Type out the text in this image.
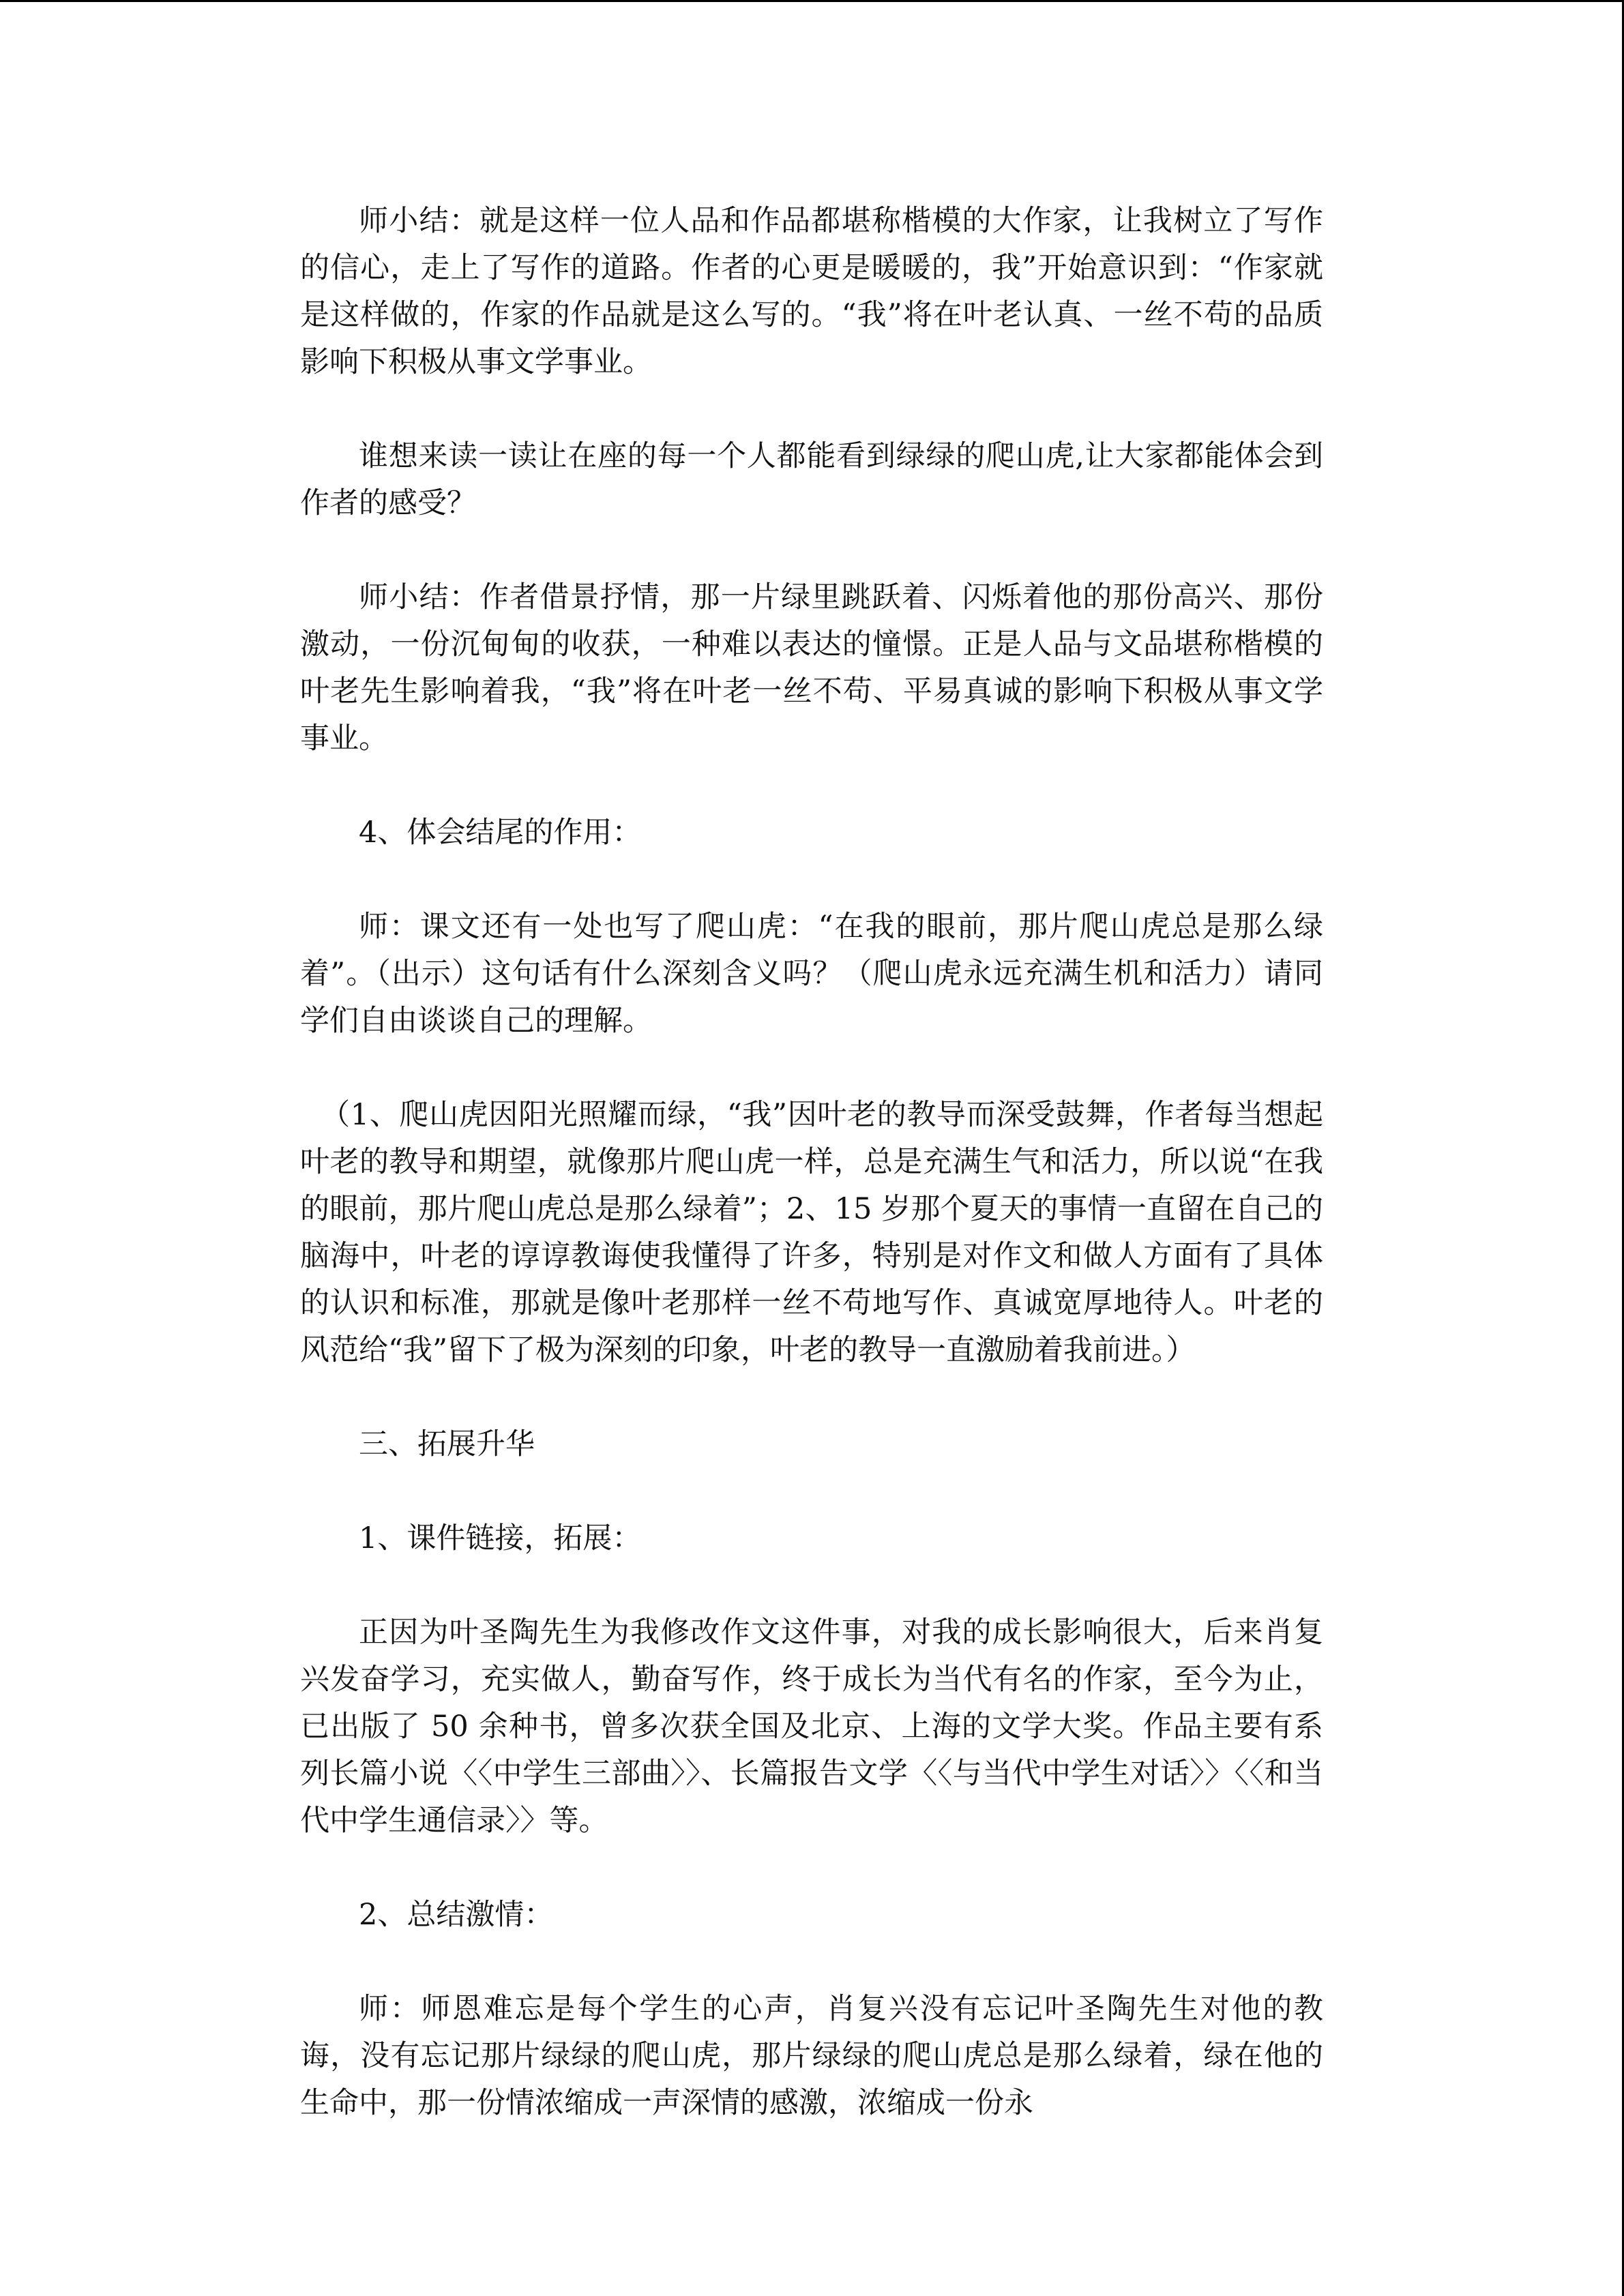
师小结：就是这样一位人品和作品都堪称楷模的大作家，让我树立了写作的信心，走上了写作的道路。作者的心更是暖暖的，我”开始意识到：“作家就是这样做的，作家的作品就是这么写的。“我”将在叶老认真、一丝不苟的品质影响下积极从事文学事业。

谁想来读一读让在座的每一个人都能看到绿绿的爬山虎,让大家都能体会到作者的感受？

师小结：作者借景抒情，那一片绿里跳跃着、闪烁着他的那份高兴、那份激动，一份沉甸甸的收获，一种难以表达的憧憬。正是人品与文品堪称楷模的叶老先生影响着我，“我”将在叶老一丝不苟、平易真诚的影响下积极从事文学事业。

4、体会结尾的作用：

师：课文还有一处也写了爬山虎：“在我的眼前，那片爬山虎总是那么绿着”。（出示）这句话有什么深刻含义吗？（爬山虎永远充满生机和活力）请同学们自由谈谈自己的理解。

（1、爬山虎因阳光照耀而绿，“我”因叶老的教导而深受鼓舞，作者每当想起叶老的教导和期望，就像那片爬山虎一样，总是充满生气和活力，所以说“在我的眼前，那片爬山虎总是那么绿着”；2、15 岁那个夏天的事情一直留在自己的脑海中，叶老的谆谆教诲使我懂得了许多，特别是对作文和做人方面有了具体的认识和标准，那就是像叶老那样一丝不苟地写作、真诚宽厚地待人。叶老的风范给“我”留下了极为深刻的印象，叶老的教导一直激励着我前进。）

三、拓展升华

1、课件链接，拓展：

正因为叶圣陶先生为我修改作文这件事，对我的成长影响很大，后来肖复兴发奋学习，充实做人，勤奋写作，终于成长为当代有名的作家，至今为止，已出版了 50 余种书，曾多次获全国及北京、上海的文学大奖。作品主要有系列长篇小说〈〈中学生三部曲〉〉、长篇报告文学〈〈与当代中学生对话〉〉〈〈和当代中学生通信录〉〉等。

2、总结激情：

师：师恩难忘是每个学生的心声，肖复兴没有忘记叶圣陶先生对他的教诲，没有忘记那片绿绿的爬山虎，那片绿绿的爬山虎总是那么绿着，绿在他的生命中，那一份情浓缩成一声深情的感激，浓缩成一份永
